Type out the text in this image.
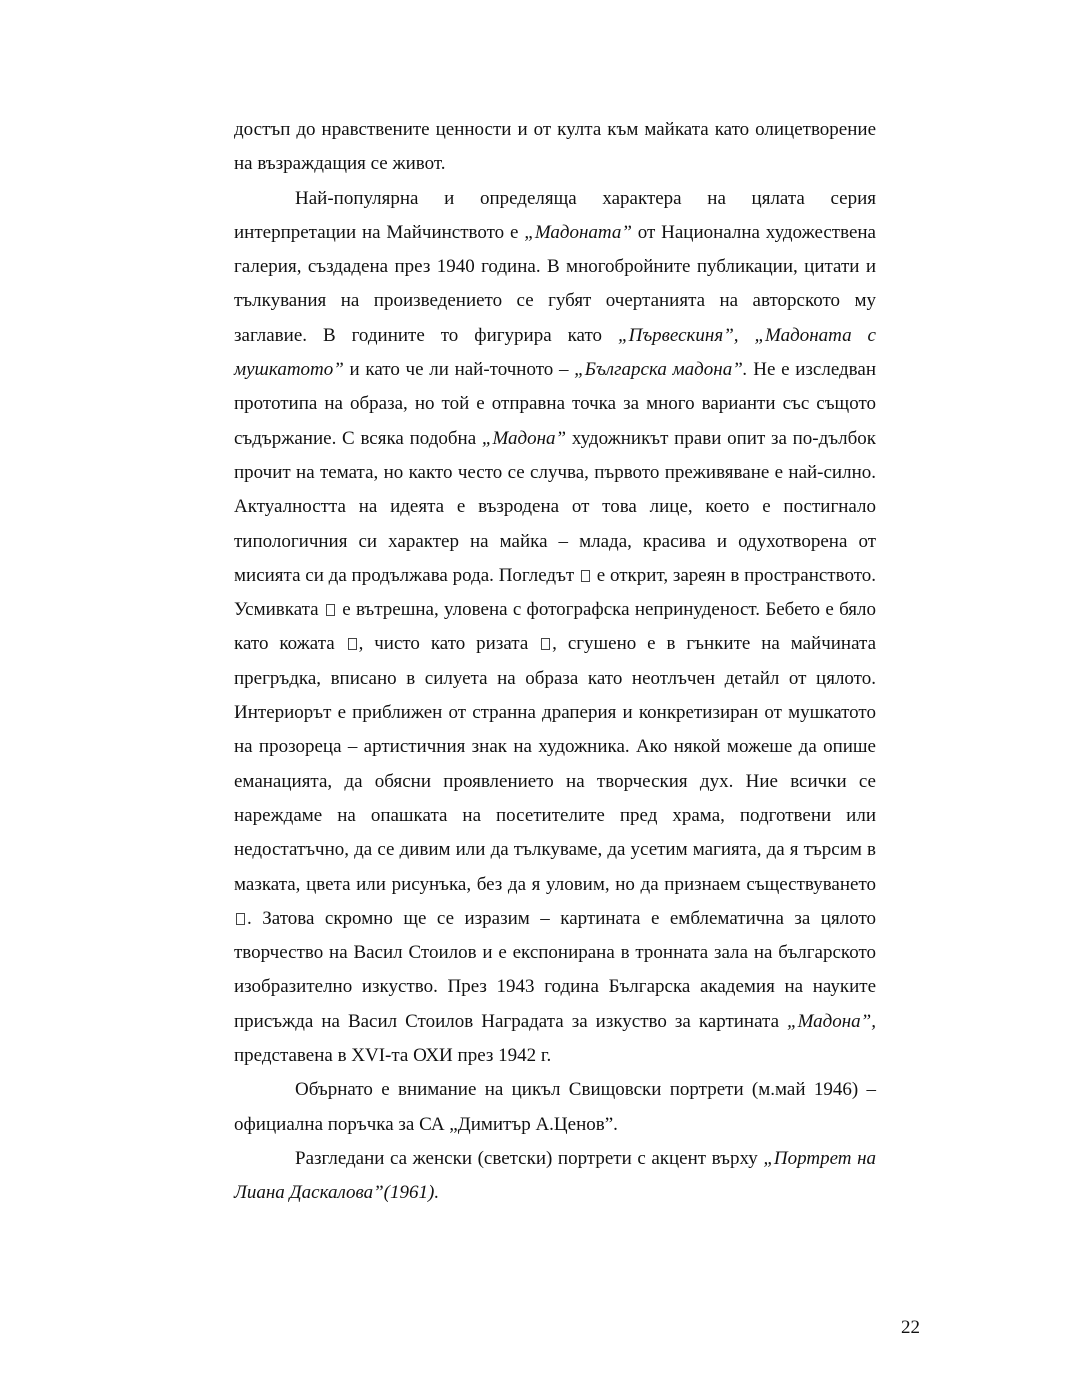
достъп до нравствените ценности и от култа към майката като олицетворение на възраждащия се живот.

Най-популярна и определяща характера на цялата серия интерпретации на Майчинството е „Мадоната” от Национална художествена галерия, създадена през 1940 година. В многобройните публикации, цитати и тълкувания на произведението се губят очертанията на авторското му заглавие. В годините то фигурира като „Първескиня”, „Мадоната с мушкатото” и като че ли най-точното – „Българска мадона”. Не е изследван прототипа на образа, но той е отправна точка за много варианти със същото съдържание. С всяка подобна „Мадона” художникът прави опит за по-дълбок прочит на темата, но както често се случва, първото преживяване е най-силно. Актуалността на идеята е възродена от това лице, което е постигнало типологичния си характер на майка – млада, красива и одухотворена от мисията си да продължава рода. Погледът  е открит, зареян в пространството. Усмивката  е вътрешна, уловена с фотографска непринуденост. Бебето е бяло като кожата , чисто като ризата , сгушено е в гънките на майчината прегръдка, вписано в силуета на образа като неотлъчен детайл от цялото. Интериорът е приближен от странна драперия и конкретизиран от мушкатото на прозореца – артистичния знак на художника. Ако някой можеше да опише еманацията, да обясни проявлението на творческия дух. Ние всички се нареждаме на опашката на посетителите пред храма, подготвени или недостатъчно, да се дивим или да тълкуваме, да усетим магията, да я търсим в мазката, цвета или рисунъка, без да я уловим, но да признаем съществуването . Затова скромно ще се изразим – картината е емблематична за цялото творчество на Васил Стоилов и е експонирана в тронната зала на българското изобразително изкуство. През 1943 година Българска академия на науките присъжда на Васил Стоилов Наградата за изкуство за картината „Мадона”, представена в XVI-та ОХИ през 1942 г.

Обърнато е внимание на цикъл Свищовски портрети (м.май 1946) – официална поръчка за СА „Димитър А.Ценов”.

Разгледани са женски (светски) портрети с акцент върху „Портрет на Лиана Даскалова”(1961).

22
